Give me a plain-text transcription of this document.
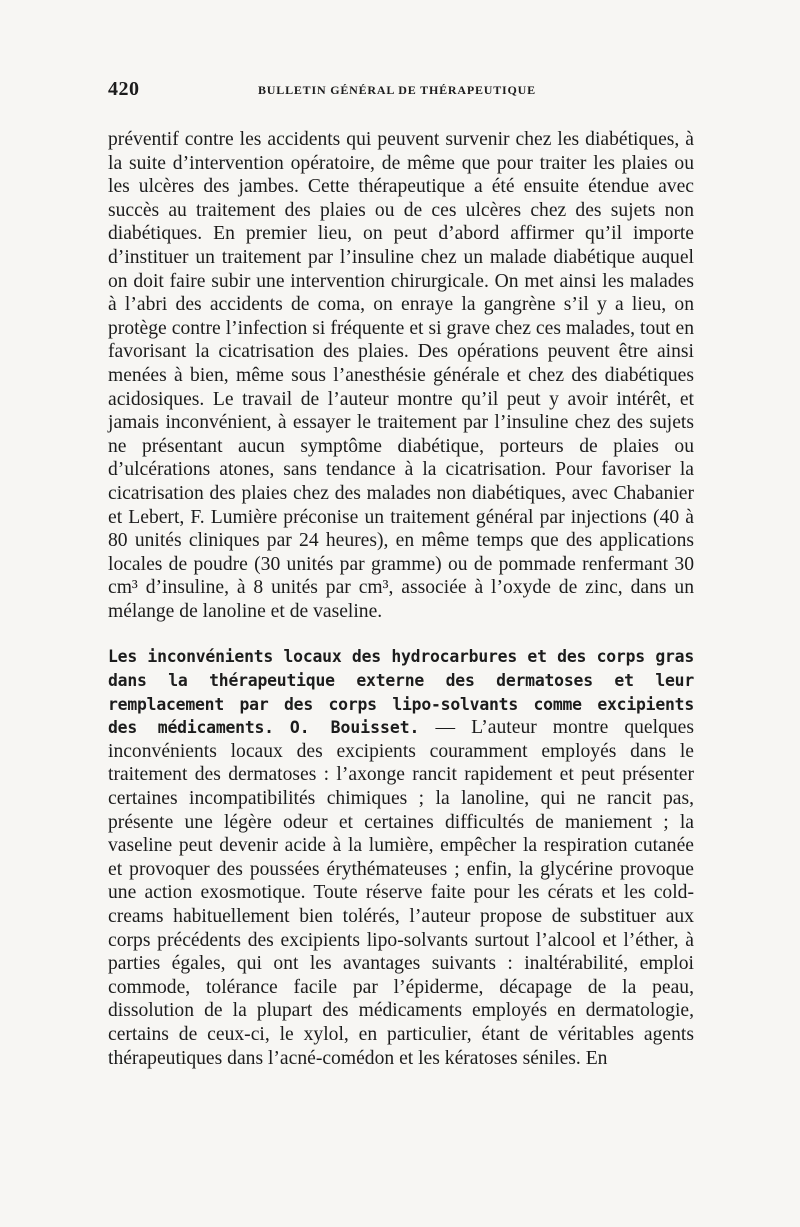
420	BULLETIN GÉNÉRAL DE THÉRAPEUTIQUE

préventif contre les accidents qui peuvent survenir chez les diabétiques, à la suite d’intervention opératoire, de même que pour traiter les plaies ou les ulcères des jambes. Cette thérapeutique a été ensuite étendue avec succès au traitement des plaies ou de ces ulcères chez des sujets non diabétiques. En premier lieu, on peut d’abord affirmer qu’il importe d’instituer un traitement par l’insuline chez un malade diabétique auquel on doit faire subir une intervention chirurgicale. On met ainsi les malades à l’abri des accidents de coma, on enraye la gangrène s’il y a lieu, on protège contre l’infection si fréquente et si grave chez ces malades, tout en favorisant la cicatrisation des plaies. Des opérations peuvent être ainsi menées à bien, même sous l’anesthésie générale et chez des diabétiques acidosiques. Le travail de l’auteur montre qu’il peut y avoir intérêt, et jamais inconvénient, à essayer le traitement par l’insuline chez des sujets ne présentant aucun symptôme diabétique, porteurs de plaies ou d’ulcérations atones, sans tendance à la cicatrisation. Pour favoriser la cicatrisation des plaies chez des malades non diabétiques, avec Chabanier et Lebert, F. Lumière préconise un traitement général par injections (40 à 80 unités cliniques par 24 heures), en même temps que des applications locales de poudre (30 unités par gramme) ou de pommade renfermant 30 cm³ d’insuline, à 8 unités par cm³, associée à l’oxyde de zinc, dans un mélange de lanoline et de vaseline.

Les inconvénients locaux des hydrocarbures et des corps gras dans la thérapeutique externe des dermatoses et leur remplacement par des corps lipo-solvants comme excipients des médicaments. O. Bouisset. — L’auteur montre quelques inconvénients locaux des excipients couramment employés dans le traitement des dermatoses : l’axonge rancit rapidement et peut présenter certaines incompatibilités chimiques ; la lanoline, qui ne rancit pas, présente une légère odeur et certaines difficultés de maniement ; la vaseline peut devenir acide à la lumière, empêcher la respiration cutanée et provoquer des poussées érythémateuses ; enfin, la glycérine provoque une action exosmotique. Toute réserve faite pour les cérats et les cold-creams habituellement bien tolérés, l’auteur propose de substituer aux corps précédents des excipients lipo-solvants surtout l’alcool et l’éther, à parties égales, qui ont les avantages suivants : inaltérabilité, emploi commode, tolérance facile par l’épiderme, décapage de la peau, dissolution de la plupart des médicaments employés en dermatologie, certains de ceux-ci, le xylol, en particulier, étant de véritables agents thérapeutiques dans l’acné-comédon et les kératoses séniles. En
